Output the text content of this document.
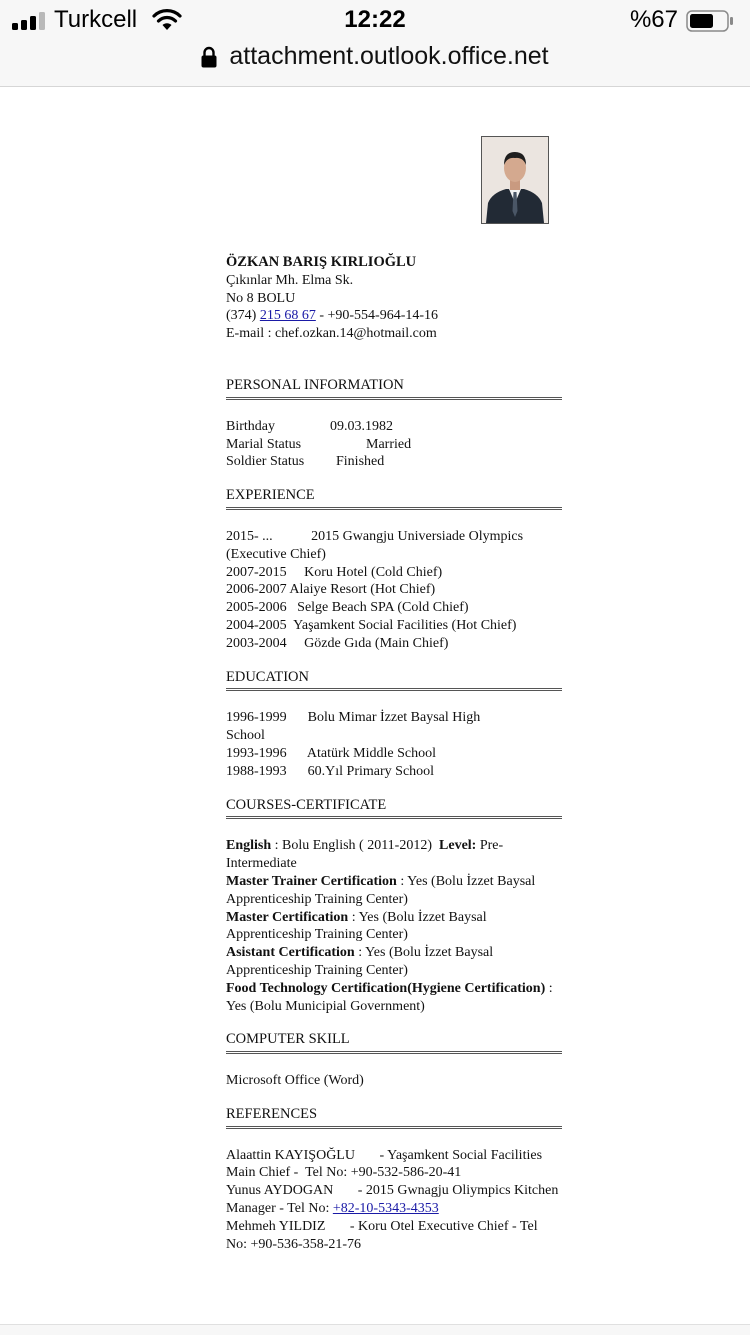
Turkcell	12:22	%67
attachment.outlook.office.net
ÖZKAN BARIŞ KIRLIOĞLU
Çıkınlar Mh. Elma Sk.
No 8 BOLU
(374) 215 68 67 - +90-554-964-14-16
E-mail : chef.ozkan.14@hotmail.com
PERSONAL INFORMATION
Birthday	09.03.1982
Marial Status	Married
Soldier Status Finished
EXPERIENCE
2015- ...           2015 Gwangju Universiade Olympics
(Executive Chief)
2007-2015     Koru Hotel (Cold Chief)
2006-2007 Alaiye Resort (Hot Chief)
2005-2006   Selge Beach SPA (Cold Chief)
2004-2005  Yaşamkent Social Facilities (Hot Chief)
2003-2004     Gözde Gıda (Main Chief)
EDUCATION
1996-1999      Bolu Mimar İzzet Baysal High
School
1993-1996      Atatürk Middle School
1988-1993      60.Yıl Primary School
COURSES-CERTIFICATE
English : Bolu English ( 2011-2012)  Level: Pre-Intermediate
Master Trainer Certification : Yes (Bolu İzzet Baysal Apprenticeship Training Center)
Master Certification : Yes (Bolu İzzet Baysal Apprenticeship Training Center)
Asistant Certification : Yes (Bolu İzzet Baysal Apprenticeship Training Center)
Food Technology Certification(Hygiene Certification) : Yes (Bolu Municipial Government)
COMPUTER SKILL
Microsoft Office (Word)
REFERENCES
Alaattin KAYIŞOĞLU       - Yaşamkent Social Facilities Main Chief -  Tel No: +90-532-586-20-41
Yunus AYDOGAN       - 2015 Gwnagju Oliympics Kitchen Manager - Tel No: +82-10-5343-4353
Mehmeh YILDIZ       - Koru Otel Executive Chief - Tel No: +90-536-358-21-76
